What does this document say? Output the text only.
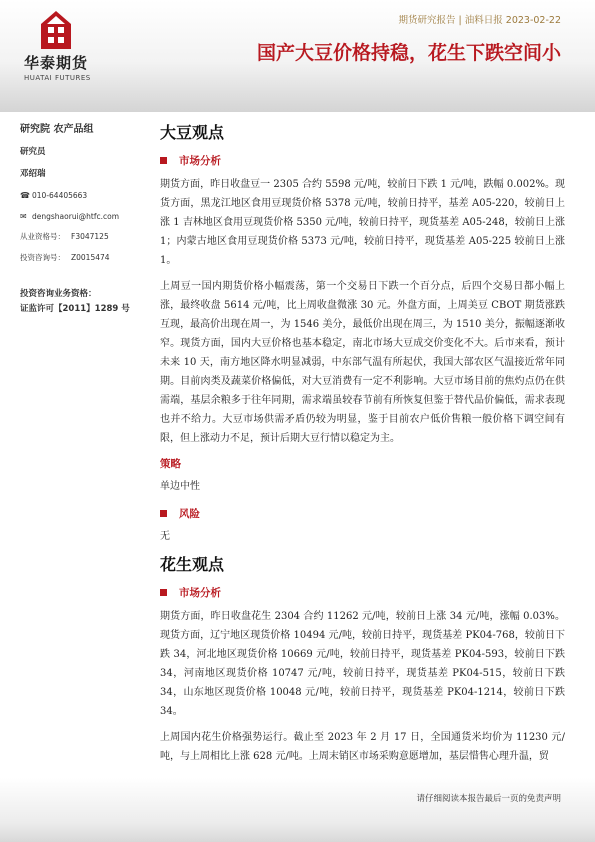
华泰期货
HUATAI FUTURES
期货研究报告 | 油料日报 2023-02-22
国产大豆价格持稳，花生下跌空间小
研究院 农产品组
研究员
邓绍瑞
☎ 010-64405663
✉ dengshaorui@htfc.com
从业资格号： F3047125
投资咨询号： Z0015474
投资咨询业务资格：
证监许可【2011】1289 号
大豆观点
市场分析

期货方面，昨日收盘豆一 2305 合约 5598 元/吨，较前日下跌 1 元/吨，跌幅 0.002%。现货方面，黑龙江地区食用豆现货价格 5378 元/吨，较前日持平，基差 A05-220，较前日上涨 1 吉林地区食用豆现货价格 5350 元/吨，较前日持平，现货基差 A05-248，较前日上涨 1；内蒙古地区食用豆现货价格 5373 元/吨，较前日持平，现货基差 A05-225 较前日上涨 1。

上周豆一国内期货价格小幅震荡，第一个交易日下跌一个百分点，后四个交易日都小幅上涨，最终收盘 5614 元/吨，比上周收盘微涨 30 元。外盘方面，上周美豆 CBOT 期货涨跌互现，最高价出现在周一，为 1546 美分，最低价出现在周三，为 1510 美分，振幅逐渐收窄。现货方面，国内大豆价格也基本稳定，南北市场大豆成交价变化不大。后市来看，预计未来 10 天，南方地区降水明显减弱，中东部气温有所起伏，我国大部农区气温接近常年同期。目前肉类及蔬菜价格偏低，对大豆消费有一定不利影响。大豆市场目前的焦灼点仍在供需端，基层余粮多于往年同期，需求端虽较春节前有所恢复但鉴于替代品价偏低，需求表现也并不给力。大豆市场供需矛盾仍较为明显，鉴于目前农户低价售粮一般价格下调空间有限，但上涨动力不足，预计后期大豆行情以稳定为主。

策略

单边中性

风险

无

花生观点
市场分析

期货方面，昨日收盘花生 2304 合约 11262 元/吨，较前日上涨 34 元/吨，涨幅 0.03%。现货方面，辽宁地区现货价格 10494 元/吨，较前日持平，现货基差 PK04-768，较前日下跌 34，河北地区现货价格 10669 元/吨，较前日持平，现货基差 PK04-593，较前日下跌 34，河南地区现货价格 10747 元/吨，较前日持平，现货基差 PK04-515，较前日下跌 34，山东地区现货价格 10048 元/吨，较前日持平，现货基差 PK04-1214，较前日下跌 34。

上周国内花生价格强势运行。截止至 2023 年 2 月 17 日，全国通货米均价为 11230 元/吨，与上周相比上涨 628 元/吨。上周末销区市场采购意愿增加，基层惜售心理升温，贸

请仔细阅读本报告最后一页的免责声明
